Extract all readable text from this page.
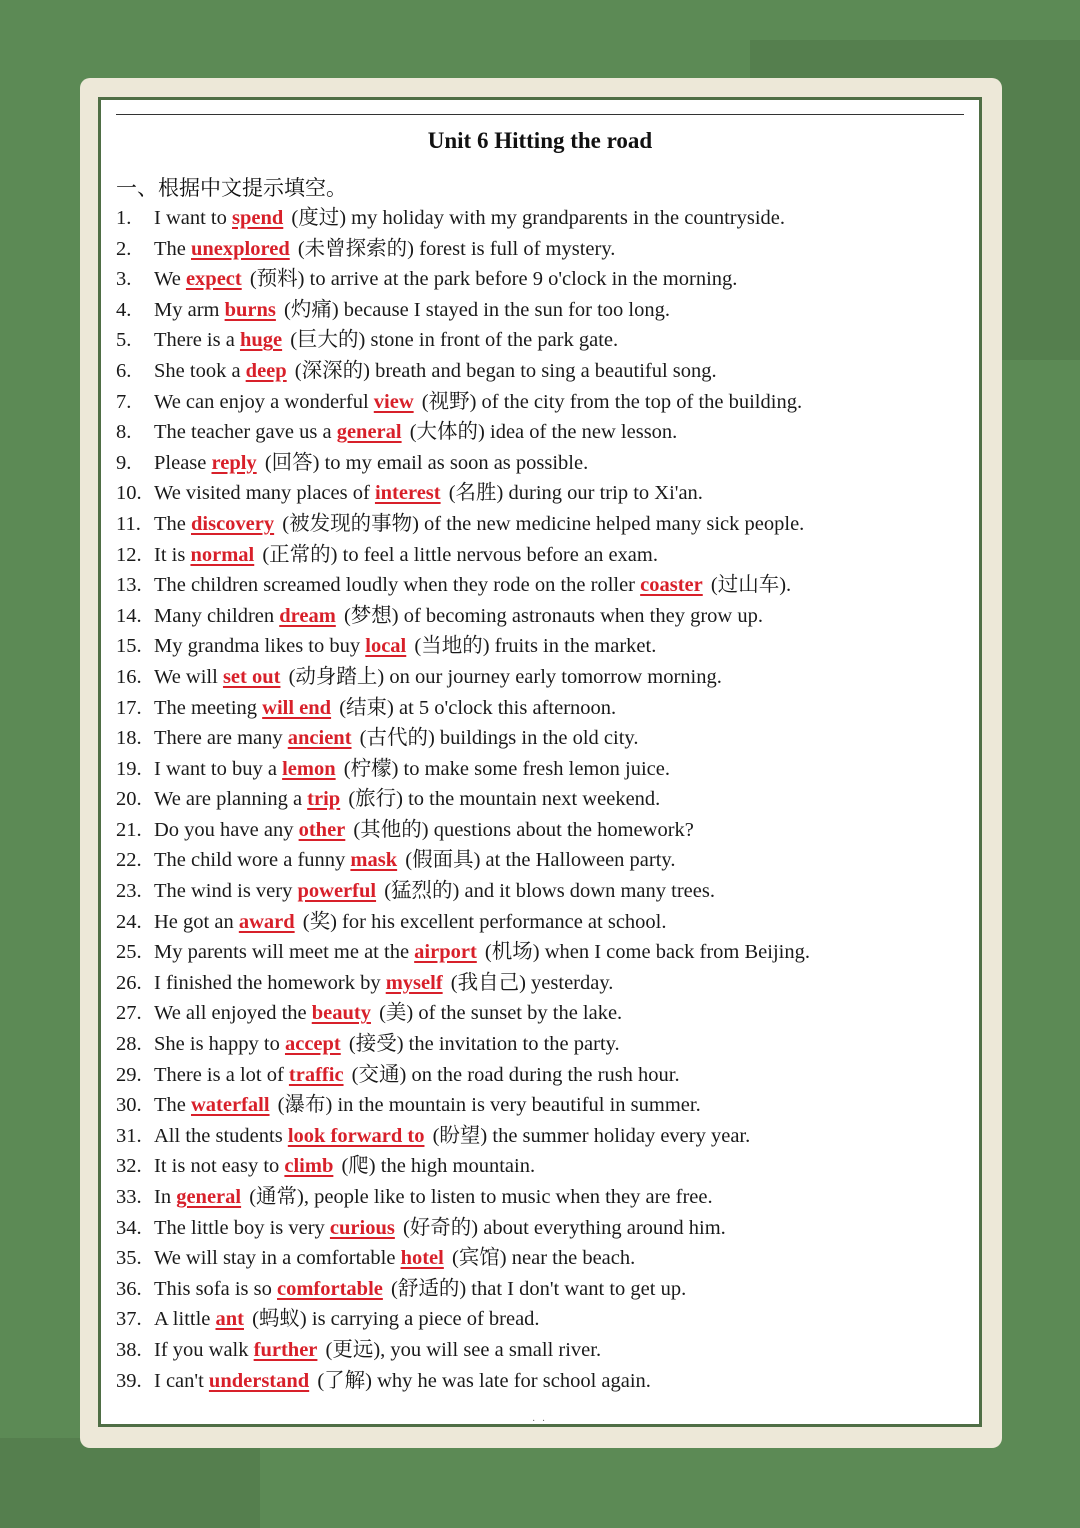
Unit 6 Hitting the road
一、根据中文提示填空。
1. I want to spend (度过) my holiday with my grandparents in the countryside.
2. The unexplored (未曾探索的) forest is full of mystery.
3. We expect (预料) to arrive at the park before 9 o'clock in the morning.
4. My arm burns (灼痛) because I stayed in the sun for too long.
5. There is a huge (巨大的) stone in front of the park gate.
6. She took a deep (深深的) breath and began to sing a beautiful song.
7. We can enjoy a wonderful view (视野) of the city from the top of the building.
8. The teacher gave us a general (大体的) idea of the new lesson.
9. Please reply (回答) to my email as soon as possible.
10. We visited many places of interest (名胜) during our trip to Xi'an.
11. The discovery (被发现的事物) of the new medicine helped many sick people.
12. It is normal (正常的) to feel a little nervous before an exam.
13. The children screamed loudly when they rode on the roller coaster (过山车).
14. Many children dream (梦想) of becoming astronauts when they grow up.
15. My grandma likes to buy local (当地的) fruits in the market.
16. We will set out (动身踏上) on our journey early tomorrow morning.
17. The meeting will end (结束) at 5 o'clock this afternoon.
18. There are many ancient (古代的) buildings in the old city.
19. I want to buy a lemon (柠檬) to make some fresh lemon juice.
20. We are planning a trip (旅行) to the mountain next weekend.
21. Do you have any other (其他的) questions about the homework?
22. The child wore a funny mask (假面具) at the Halloween party.
23. The wind is very powerful (猛烈的) and it blows down many trees.
24. He got an award (奖) for his excellent performance at school.
25. My parents will meet me at the airport (机场) when I come back from Beijing.
26. I finished the homework by myself (我自己) yesterday.
27. We all enjoyed the beauty (美) of the sunset by the lake.
28. She is happy to accept (接受) the invitation to the party.
29. There is a lot of traffic (交通) on the road during the rush hour.
30. The waterfall (瀑布) in the mountain is very beautiful in summer.
31. All the students look forward to (盼望) the summer holiday every year.
32. It is not easy to climb (爬) the high mountain.
33. In general (通常), people like to listen to music when they are free.
34. The little boy is very curious (好奇的) about everything around him.
35. We will stay in a comfortable hotel (宾馆) near the beach.
36. This sofa is so comfortable (舒适的) that I don't want to get up.
37. A little ant (蚂蚁) is carrying a piece of bread.
38. If you walk further (更远), you will see a small river.
39. I can't understand (了解) why he was late for school again.
· ·
